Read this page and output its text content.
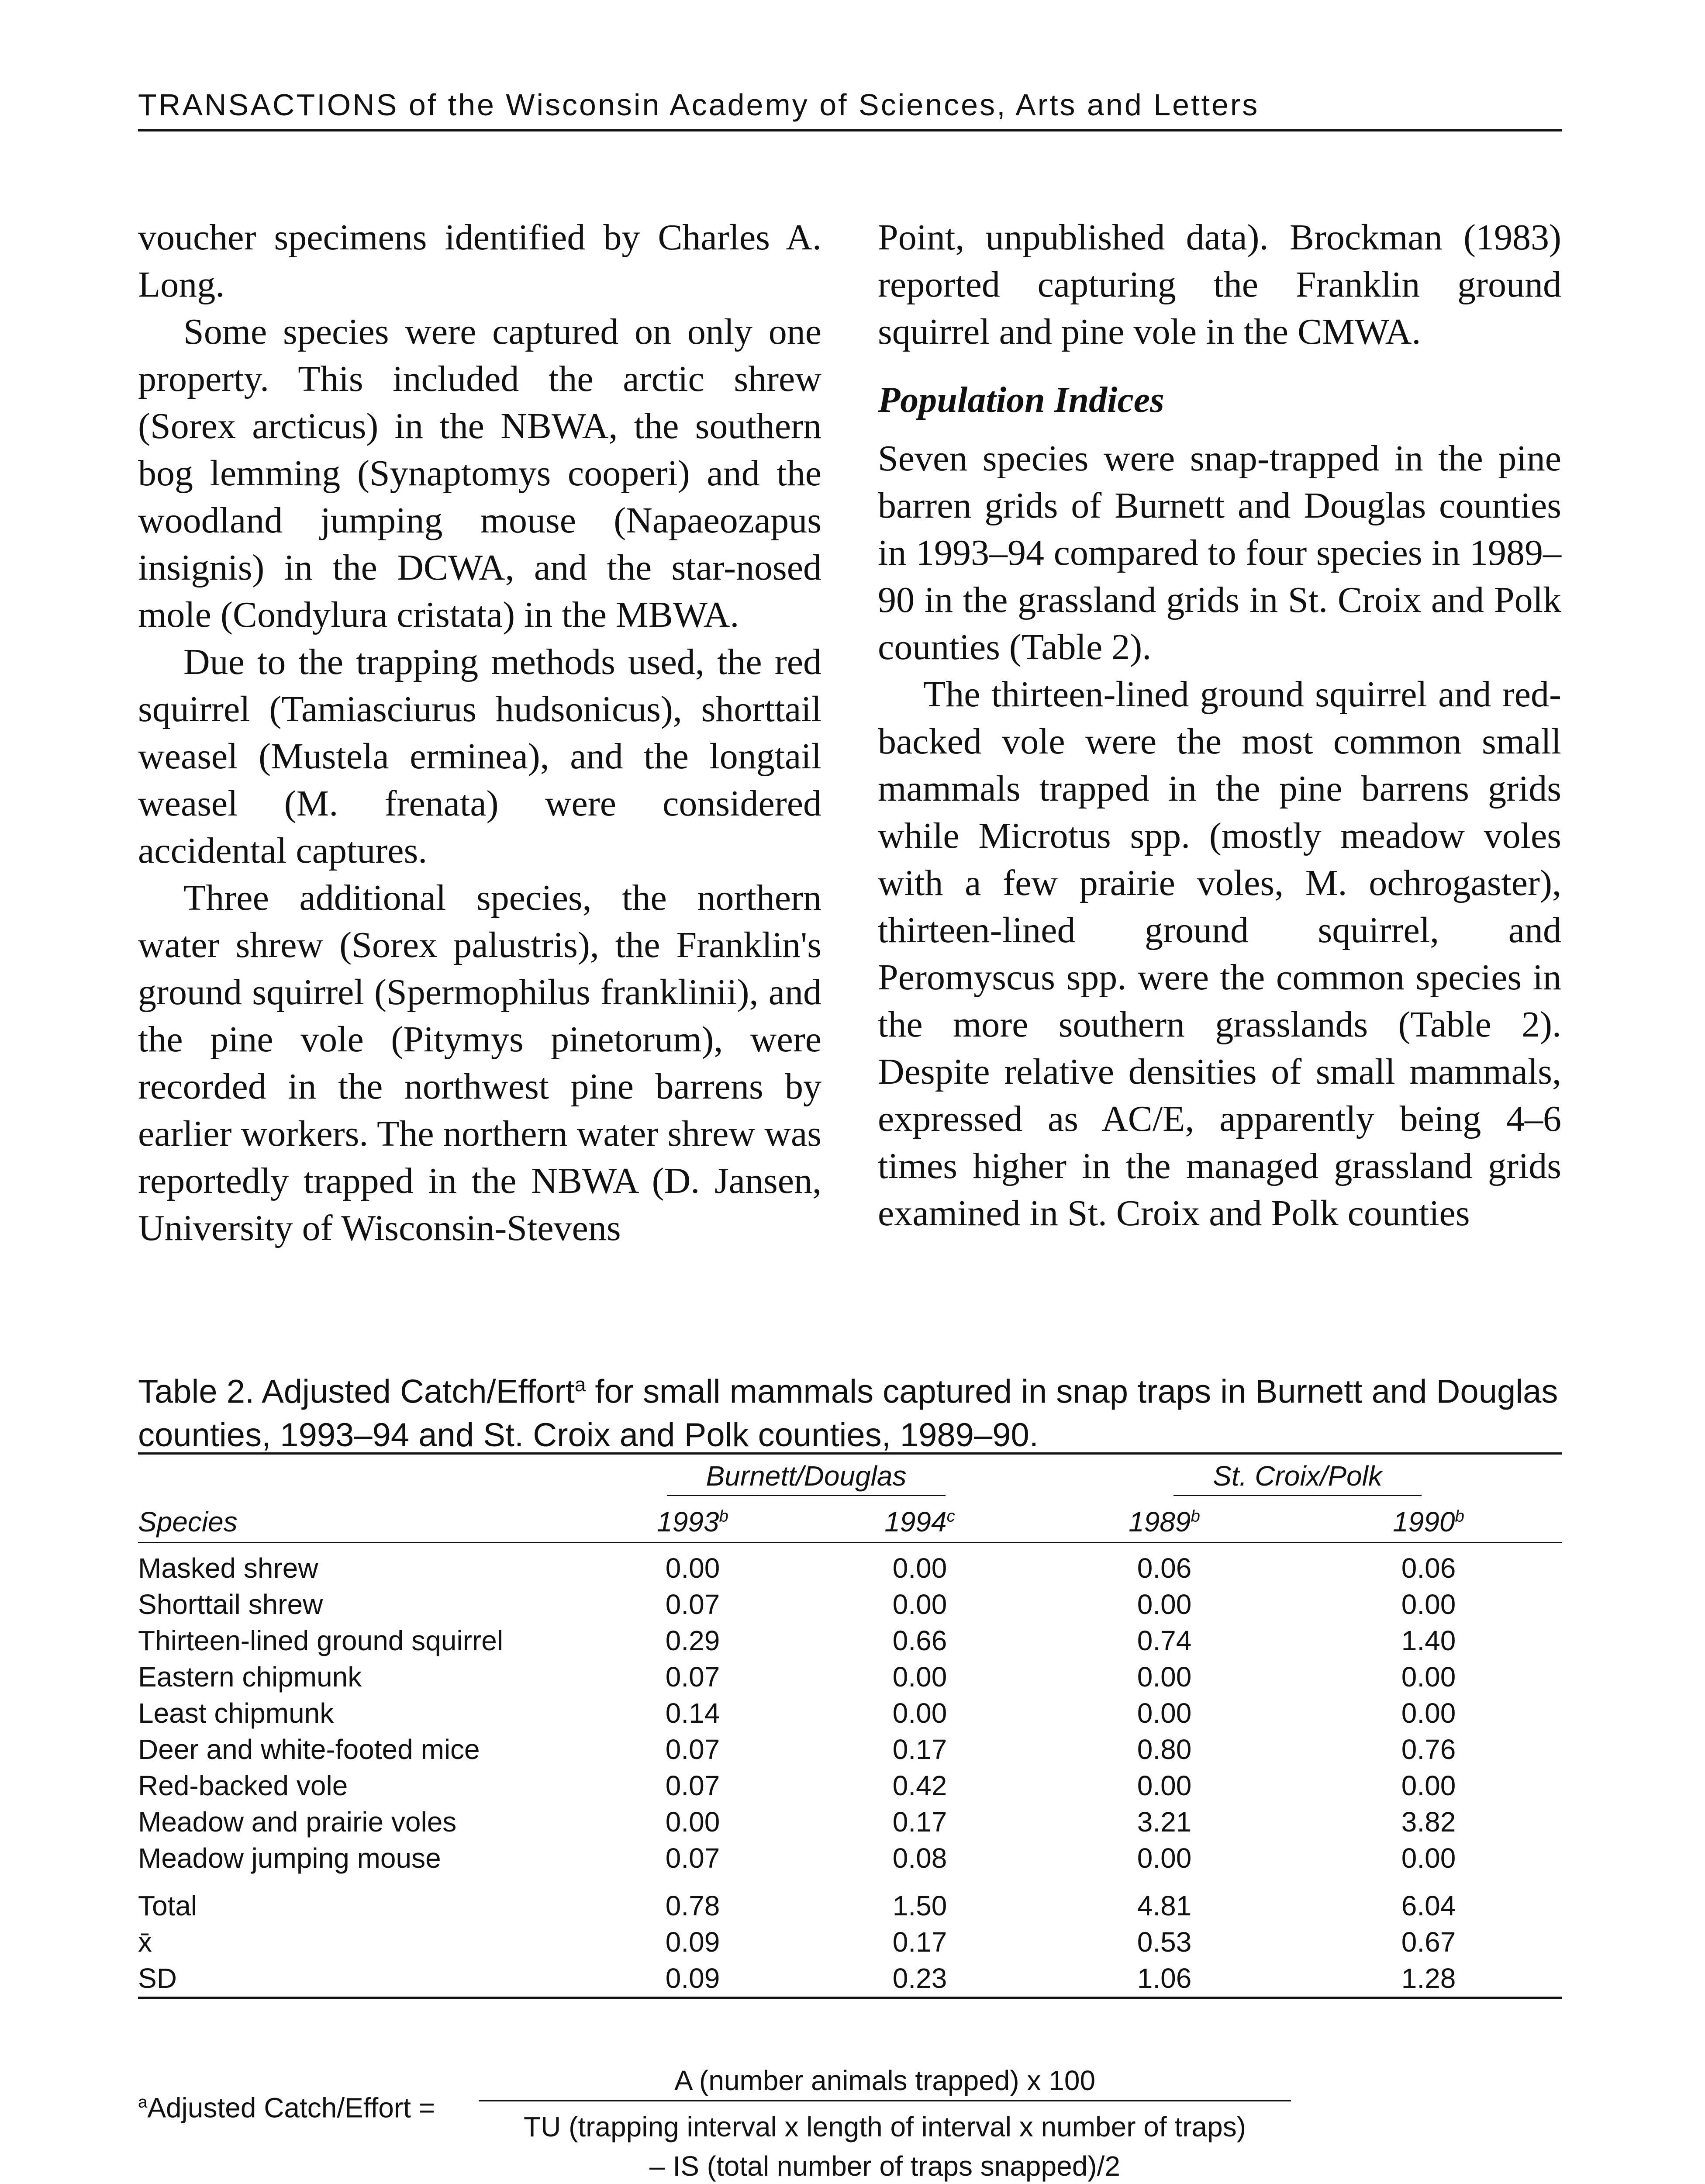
TRANSACTIONS of the Wisconsin Academy of Sciences, Arts and Letters

voucher specimens identified by Charles A. Long.

Some species were captured on only one property. This included the arctic shrew (Sorex arcticus) in the NBWA, the southern bog lemming (Synaptomys cooperi) and the woodland jumping mouse (Napaeozapus insignis) in the DCWA, and the star-nosed mole (Condylura cristata) in the MBWA.

Due to the trapping methods used, the red squirrel (Tamiasciurus hudsonicus), shorttail weasel (Mustela erminea), and the longtail weasel (M. frenata) were considered accidental captures.

Three additional species, the northern water shrew (Sorex palustris), the Franklin's ground squirrel (Spermophilus franklinii), and the pine vole (Pitymys pinetorum), were recorded in the northwest pine barrens by earlier workers. The northern water shrew was reportedly trapped in the NBWA (D. Jansen, University of Wisconsin-Stevens

Point, unpublished data). Brockman (1983) reported capturing the Franklin ground squirrel and pine vole in the CMWA.

Population Indices

Seven species were snap-trapped in the pine barren grids of Burnett and Douglas counties in 1993–94 compared to four species in 1989–90 in the grassland grids in St. Croix and Polk counties (Table 2).

The thirteen-lined ground squirrel and red-backed vole were the most common small mammals trapped in the pine barrens grids while Microtus spp. (mostly meadow voles with a few prairie voles, M. ochrogaster), thirteen-lined ground squirrel, and Peromyscus spp. were the common species in the more southern grasslands (Table 2). Despite relative densities of small mammals, expressed as AC/E, apparently being 4–6 times higher in the managed grassland grids examined in St. Croix and Polk counties

Table 2. Adjusted Catch/Effort$^a$ for small mammals captured in snap traps in Burnett and Douglas counties, 1993–94 and St. Croix and Polk counties, 1989–90.
	Burnett/Douglas		St. Croix/Polk	
Species	1993$^b$	1994$^c$	1989$^b$	1990$^b$
Masked shrew	0.00	0.00	0.06	0.06
Shorttail shrew	0.07	0.00	0.00	0.00
Thirteen-lined ground squirrel	0.29	0.66	0.74	1.40
Eastern chipmunk	0.07	0.00	0.00	0.00
Least chipmunk	0.14	0.00	0.00	0.00
Deer and white-footed mice	0.07	0.17	0.80	0.76
Red-backed vole	0.07	0.42	0.00	0.00
Meadow and prairie voles	0.00	0.17	3.21	3.82
Meadow jumping mouse	0.07	0.08	0.00	0.00
Total	0.78	1.50	4.81	6.04
x̄	0.09	0.17	0.53	0.67
SD	0.09	0.23	1.06	1.28
$^a$Adjusted Catch/Effort =
A (number animals trapped) x 100
TU (trapping interval x length of interval x number of traps)
– IS (total number of traps snapped)/2
